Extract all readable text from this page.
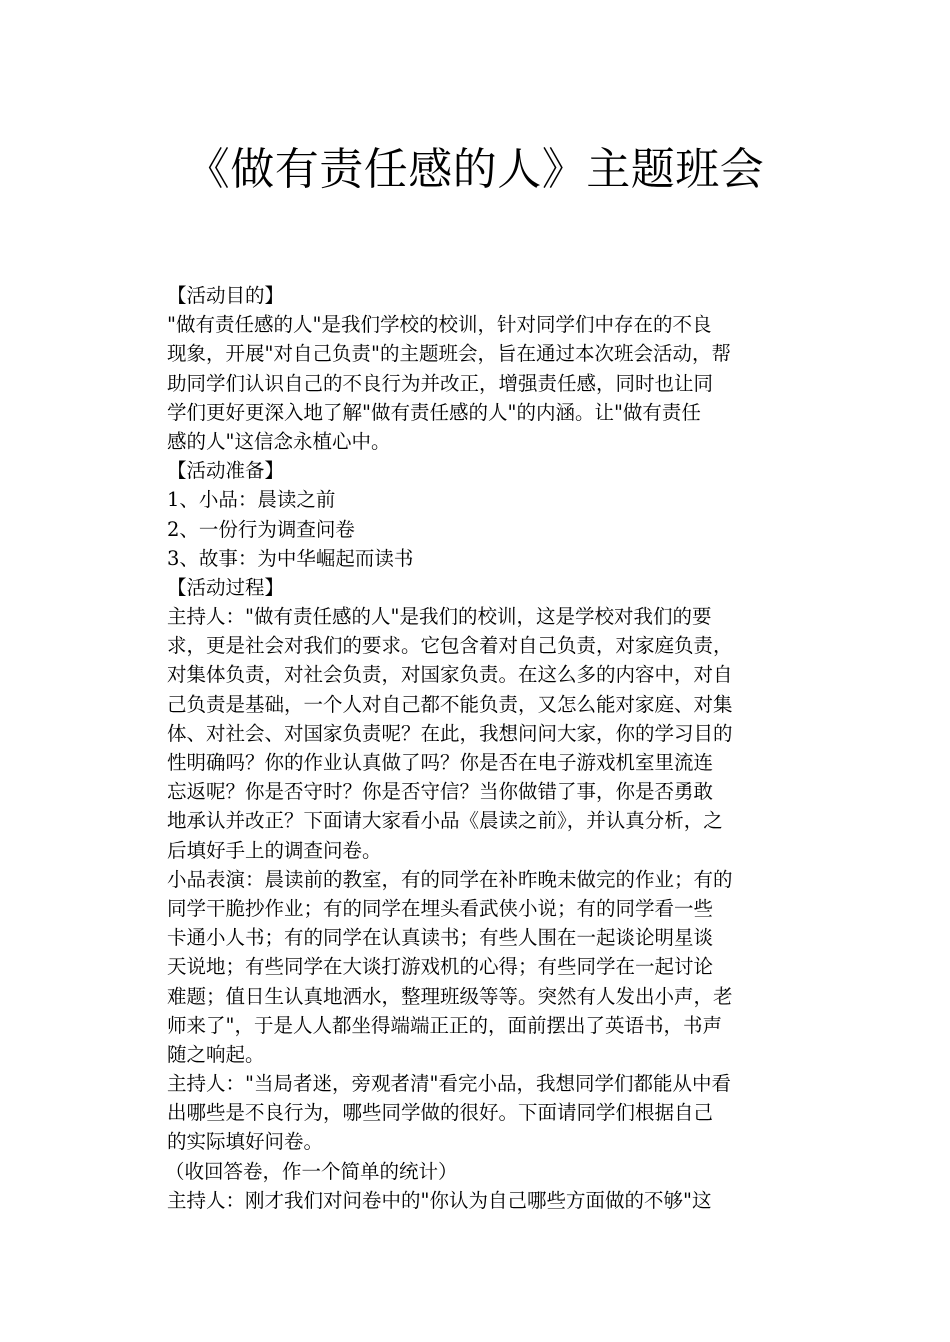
《做有责任感的人》主题班会
【活动目的】
"做有责任感的人"是我们学校的校训，针对同学们中存在的不良
现象，开展"对自己负责"的主题班会，旨在通过本次班会活动，帮
助同学们认识自己的不良行为并改正，增强责任感，同时也让同
学们更好更深入地了解"做有责任感的人"的内涵。让"做有责任
感的人"这信念永植心中。
【活动准备】
1、小品：晨读之前
2、一份行为调查问卷
3、故事：为中华崛起而读书
【活动过程】
主持人："做有责任感的人"是我们的校训，这是学校对我们的要
求，更是社会对我们的要求。它包含着对自己负责，对家庭负责，
对集体负责，对社会负责，对国家负责。在这么多的内容中，对自
己负责是基础，一个人对自己都不能负责，又怎么能对家庭、对集
体、对社会、对国家负责呢？在此，我想问问大家，你的学习目的
性明确吗？你的作业认真做了吗？你是否在电子游戏机室里流连
忘返呢？你是否守时？你是否守信？当你做错了事，你是否勇敢
地承认并改正？下面请大家看小品《晨读之前》，并认真分析，之
后填好手上的调查问卷。
小品表演：晨读前的教室，有的同学在补昨晚未做完的作业；有的
同学干脆抄作业；有的同学在埋头看武侠小说；有的同学看一些
卡通小人书；有的同学在认真读书；有些人围在一起谈论明星谈
天说地；有些同学在大谈打游戏机的心得；有些同学在一起讨论
难题；值日生认真地洒水，整理班级等等。突然有人发出小声，老
师来了"，于是人人都坐得端端正正的，面前摆出了英语书，书声
随之响起。
主持人："当局者迷，旁观者清"看完小品，我想同学们都能从中看
出哪些是不良行为，哪些同学做的很好。下面请同学们根据自己
的实际填好问卷。
（收回答卷，作一个简单的统计）
主持人：刚才我们对问卷中的"你认为自己哪些方面做的不够"这
